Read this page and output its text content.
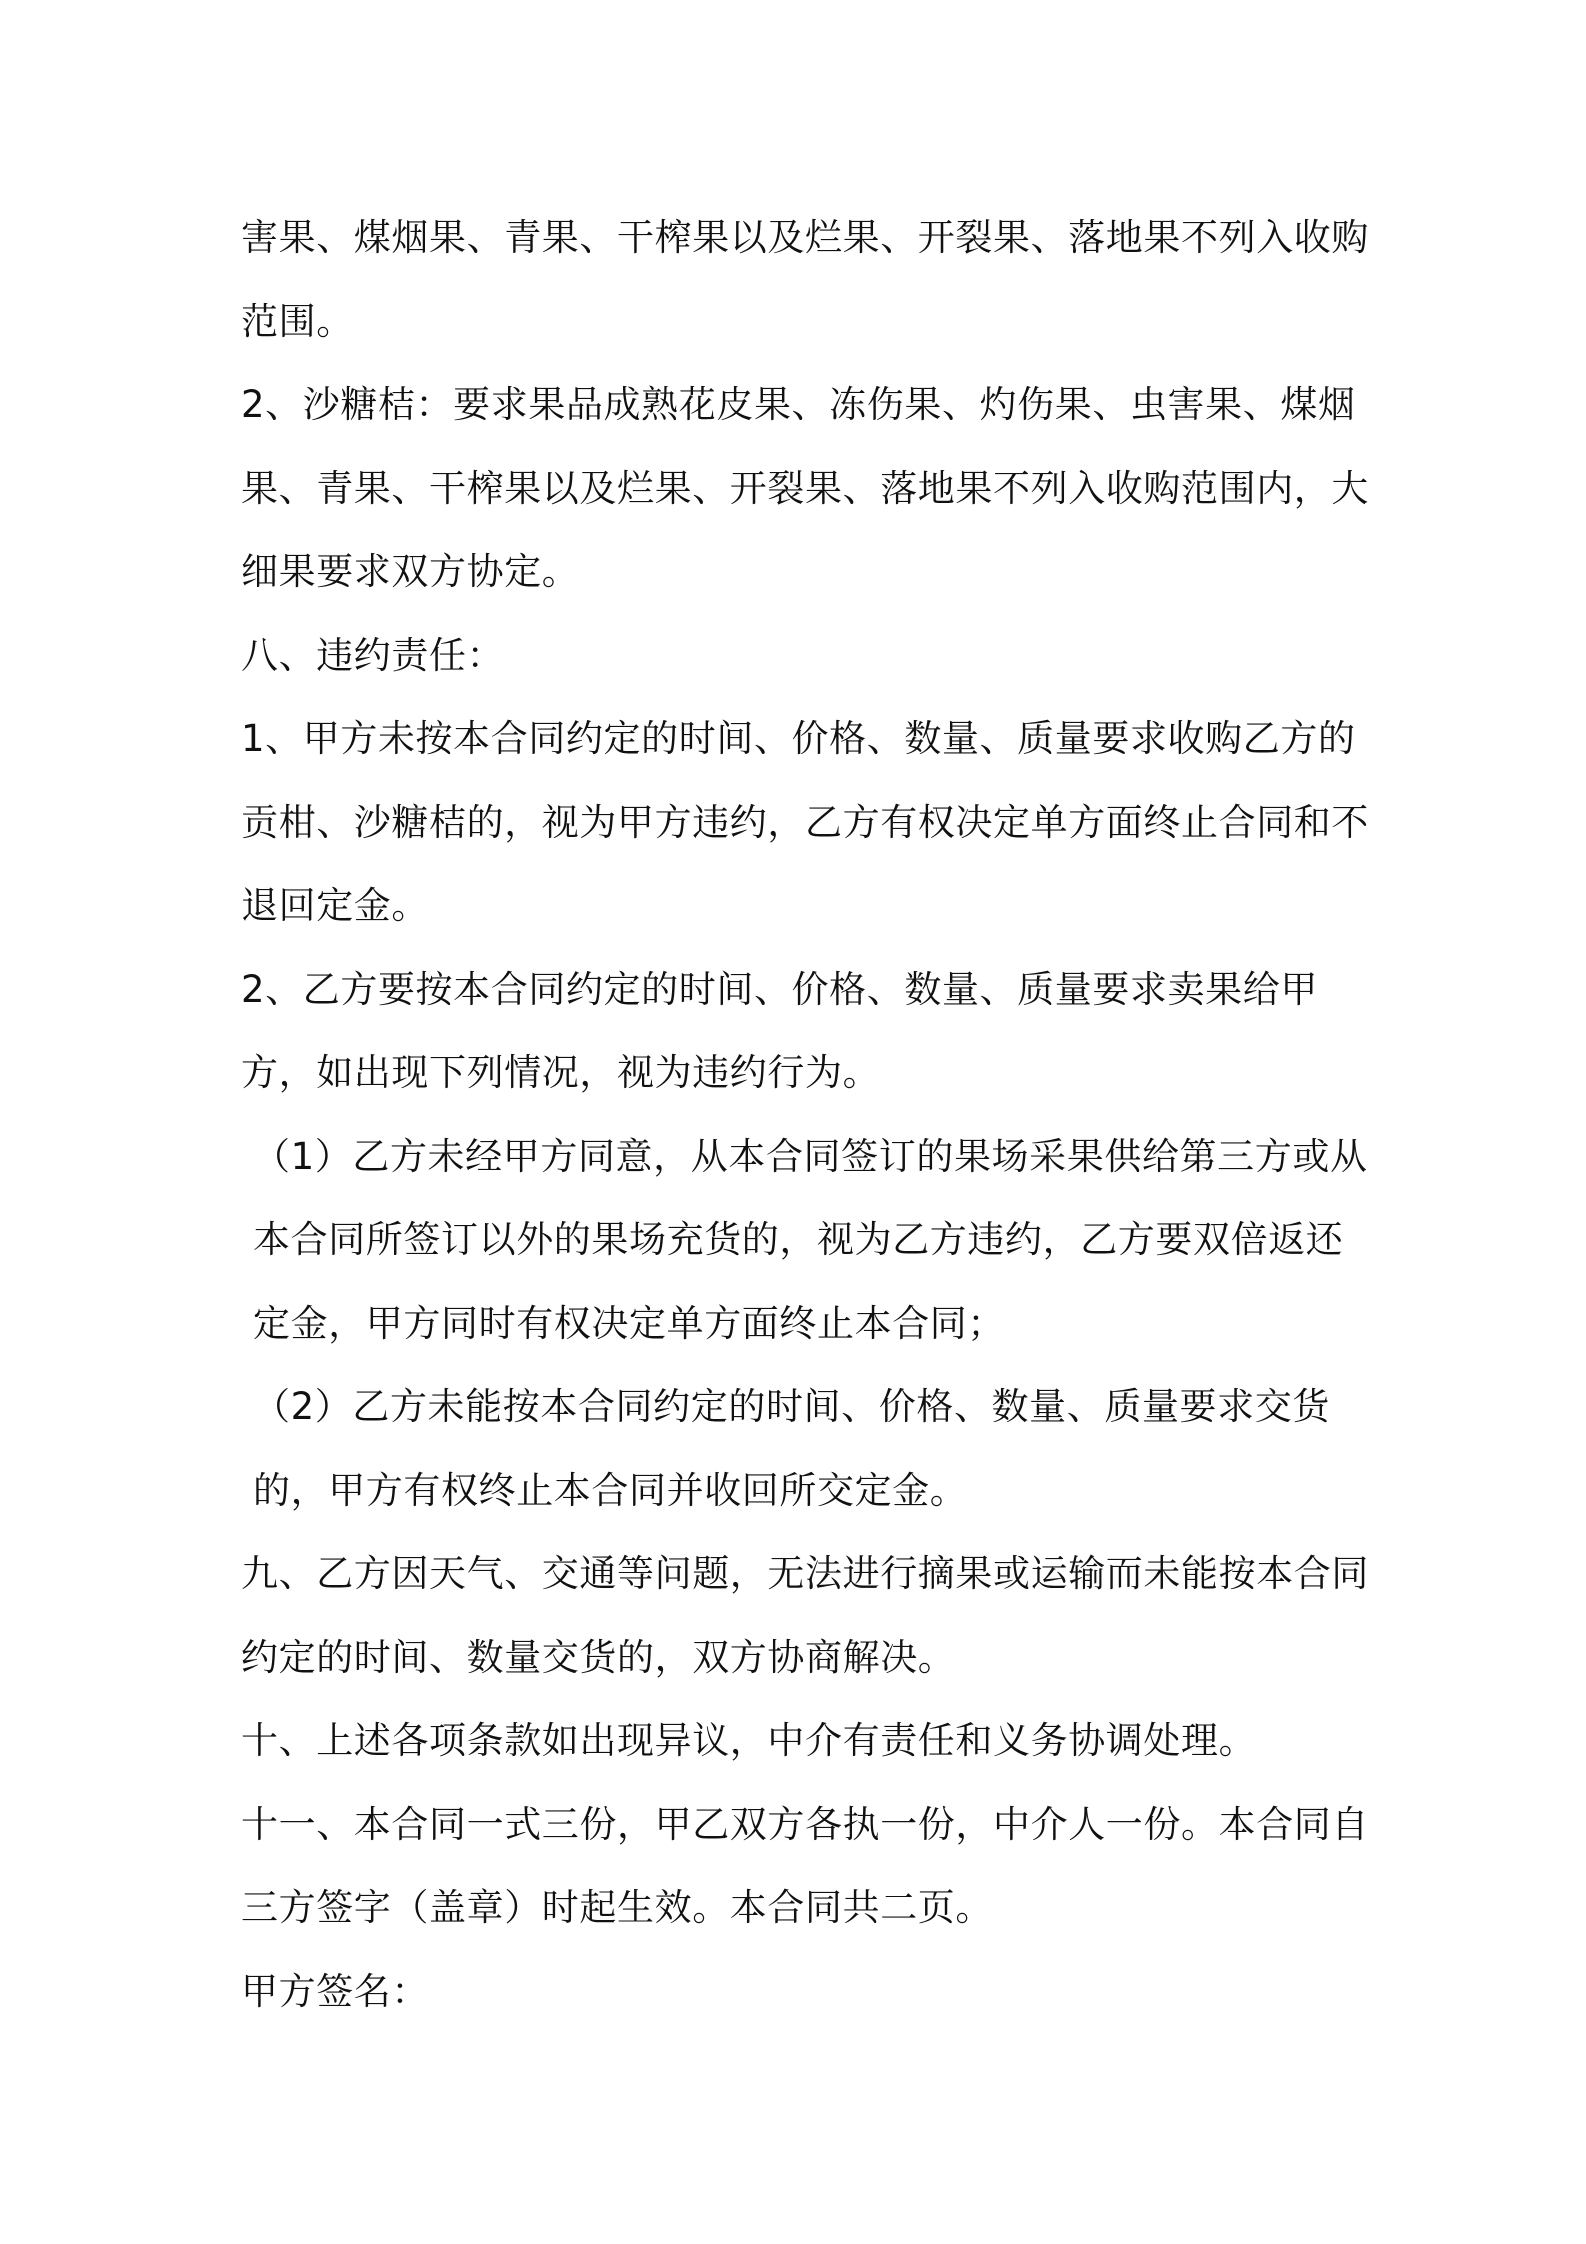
害果、煤烟果、青果、干榨果以及烂果、开裂果、落地果不列入收购范围。

2、沙糖桔：要求果品成熟花皮果、冻伤果、灼伤果、虫害果、煤烟果、青果、干榨果以及烂果、开裂果、落地果不列入收购范围内，大细果要求双方协定。

八、违约责任：

1、甲方未按本合同约定的时间、价格、数量、质量要求收购乙方的贡柑、沙糖桔的，视为甲方违约，乙方有权决定单方面终止合同和不退回定金。

2、乙方要按本合同约定的时间、价格、数量、质量要求卖果给甲方，如出现下列情况，视为违约行为。

（1）乙方未经甲方同意，从本合同签订的果场采果供给第三方或从本合同所签订以外的果场充货的，视为乙方违约，乙方要双倍返还定金，甲方同时有权决定单方面终止本合同；

（2）乙方未能按本合同约定的时间、价格、数量、质量要求交货的，甲方有权终止本合同并收回所交定金。

九、乙方因天气、交通等问题，无法进行摘果或运输而未能按本合同约定的时间、数量交货的，双方协商解决。

十、上述各项条款如出现异议，中介有责任和义务协调处理。

十一、本合同一式三份，甲乙双方各执一份，中介人一份。本合同自三方签字（盖章）时起生效。本合同共二页。

甲方签名：
